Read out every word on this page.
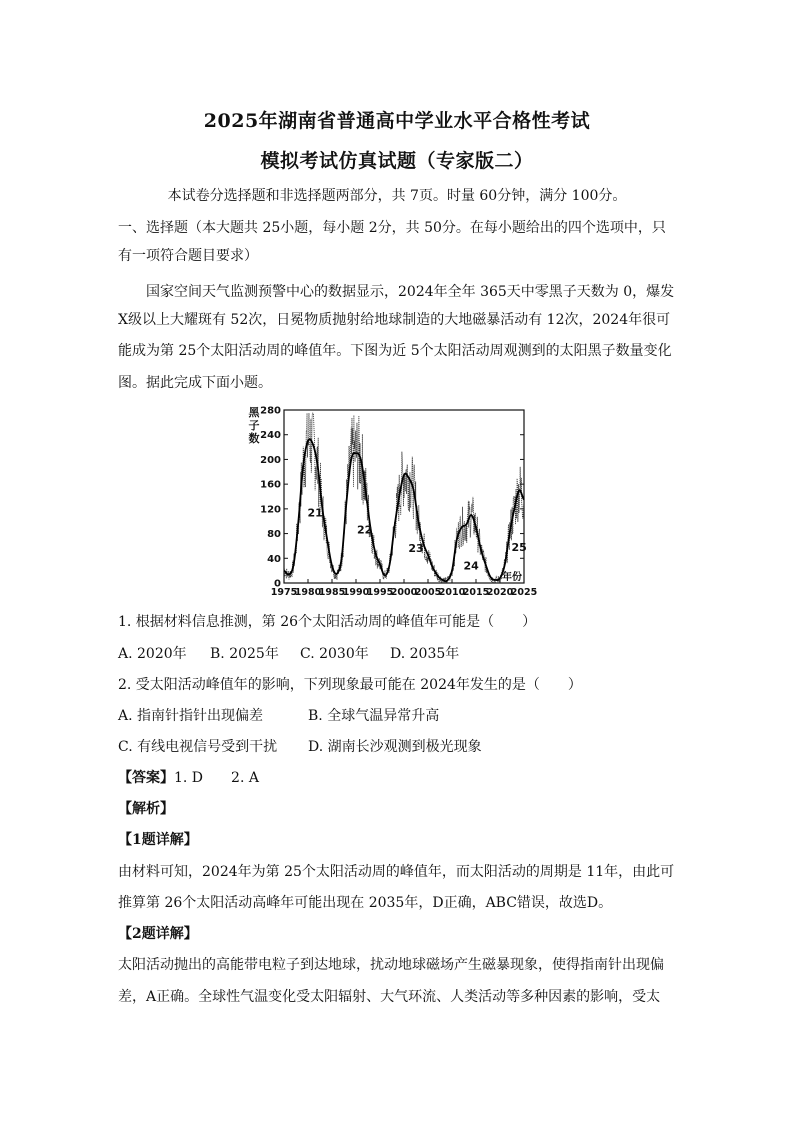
2025年湖南省普通高中学业水平合格性考试
模拟考试仿真试题（专家版二）
本试卷分选择题和非选择题两部分，共 7页。时量 60分钟，满分 100分。
一、选择题（本大题共 25小题，每小题 2分，共 50分。在每小题给出的四个选项中，只
有一项符合题目要求）
国家空间天气监测预警中心的数据显示，2024年全年 365天中零黑子天数为 0，爆发
X级以上大耀斑有 52次，日冕物质抛射给地球制造的大地磁暴活动有 12次，2024年很可
能成为第 25个太阳活动周的峰值年。下图为近 5个太阳活动周观测到的太阳黑子数量变化
图。据此完成下面小题。
0
40
80
120
160
200
240
280
1975
1980
1985
1990
1995
2000
2005
2010
2015
2020
2025
黑
子
数
年份
21
22
23
24
25
1. 根据材料信息推测，第 26个太阳活动周的峰值年可能是（　　）
A. 2020年 B. 2025年 C. 2030年 D. 2035年
2. 受太阳活动峰值年的影响，下列现象最可能在 2024年发生的是（　　）
A. 指南针指针出现偏差	B. 全球气温异常升高
C. 有线电视信号受到干扰 D. 湖南长沙观测到极光现象
【答案】1. D　　2. A
【解析】
【1题详解】
由材料可知，2024年为第 25个太阳活动周的峰值年，而太阳活动的周期是 11年，由此可
推算第 26个太阳活动高峰年可能出现在 2035年，D正确，ABC错误，故选D。
【2题详解】
太阳活动抛出的高能带电粒子到达地球，扰动地球磁场产生磁暴现象，使得指南针出现偏
差，A正确。全球性气温变化受太阳辐射、大气环流、人类活动等多种因素的影响，受太
